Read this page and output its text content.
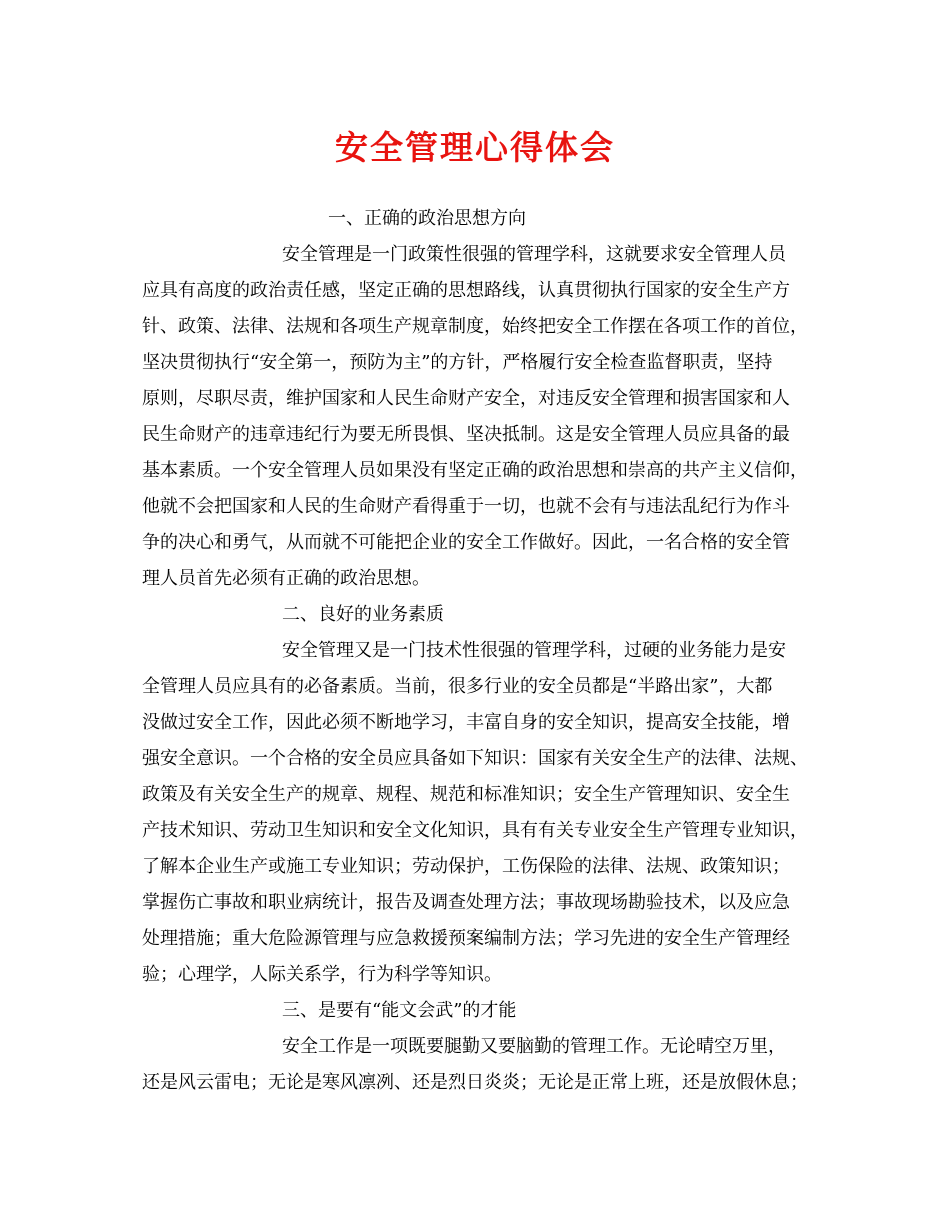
安全管理心得体会
一、正确的政治思想方向
安全管理是一门政策性很强的管理学科，这就要求安全管理人员
应具有高度的政治责任感，坚定正确的思想路线，认真贯彻执行国家的安全生产方
针、政策、法律、法规和各项生产规章制度，始终把安全工作摆在各项工作的首位，
坚决贯彻执行“安全第一，预防为主”的方针，严格履行安全检查监督职责，坚持
原则，尽职尽责，维护国家和人民生命财产安全，对违反安全管理和损害国家和人
民生命财产的违章违纪行为要无所畏惧、坚决抵制。这是安全管理人员应具备的最
基本素质。一个安全管理人员如果没有坚定正确的政治思想和崇高的共产主义信仰，
他就不会把国家和人民的生命财产看得重于一切，也就不会有与违法乱纪行为作斗
争的决心和勇气，从而就不可能把企业的安全工作做好。因此，一名合格的安全管
理人员首先必须有正确的政治思想。
二、良好的业务素质
安全管理又是一门技术性很强的管理学科，过硬的业务能力是安
全管理人员应具有的必备素质。当前，很多行业的安全员都是“半路出家”，大都
没做过安全工作，因此必须不断地学习，丰富自身的安全知识，提高安全技能，增
强安全意识。一个合格的安全员应具备如下知识：国家有关安全生产的法律、法规、
政策及有关安全生产的规章、规程、规范和标准知识；安全生产管理知识、安全生
产技术知识、劳动卫生知识和安全文化知识，具有有关专业安全生产管理专业知识，
了解本企业生产或施工专业知识；劳动保护，工伤保险的法律、法规、政策知识；
掌握伤亡事故和职业病统计，报告及调查处理方法；事故现场勘验技术，以及应急
处理措施；重大危险源管理与应急救援预案编制方法；学习先进的安全生产管理经
验；心理学，人际关系学，行为科学等知识。
三、是要有“能文会武”的才能
安全工作是一项既要腿勤又要脑勤的管理工作。无论晴空万里，
还是风云雷电；无论是寒风凛冽、还是烈日炎炎；无论是正常上班，还是放假休息；
